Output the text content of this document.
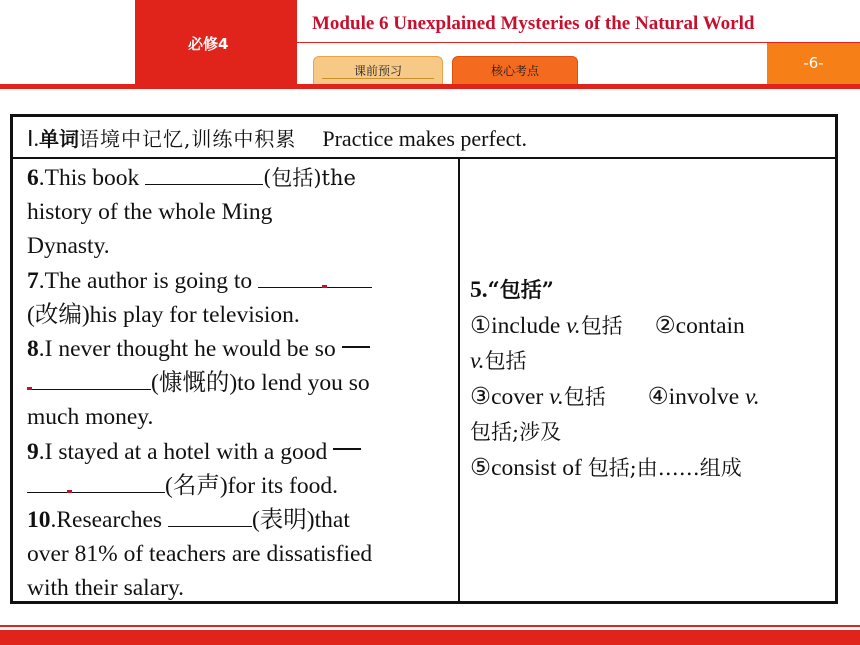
必修4
Module 6 Unexplained Mysteries of the Natural World
课前预习	核心考点	-6-
Ⅰ.单词语境中记忆,训练中积累 Practice makes perfect.
6.This book	(包括)the
history of the whole Ming
Dynasty.
7.The author is going to
(改编)his play for television.
8.I never thought he would be so
(慷慨的)to lend you so
much money.
9.I stayed at a hotel with a good
(名声)for its food.
10.Researches	(表明)that
over 81% of teachers are dissatisfied
with their salary.
5.“包括”
①include v.包括 ②contain
v.包括
③cover v.包括 ④involve v.
包括;涉及
⑤consist of 包括;由……组成
